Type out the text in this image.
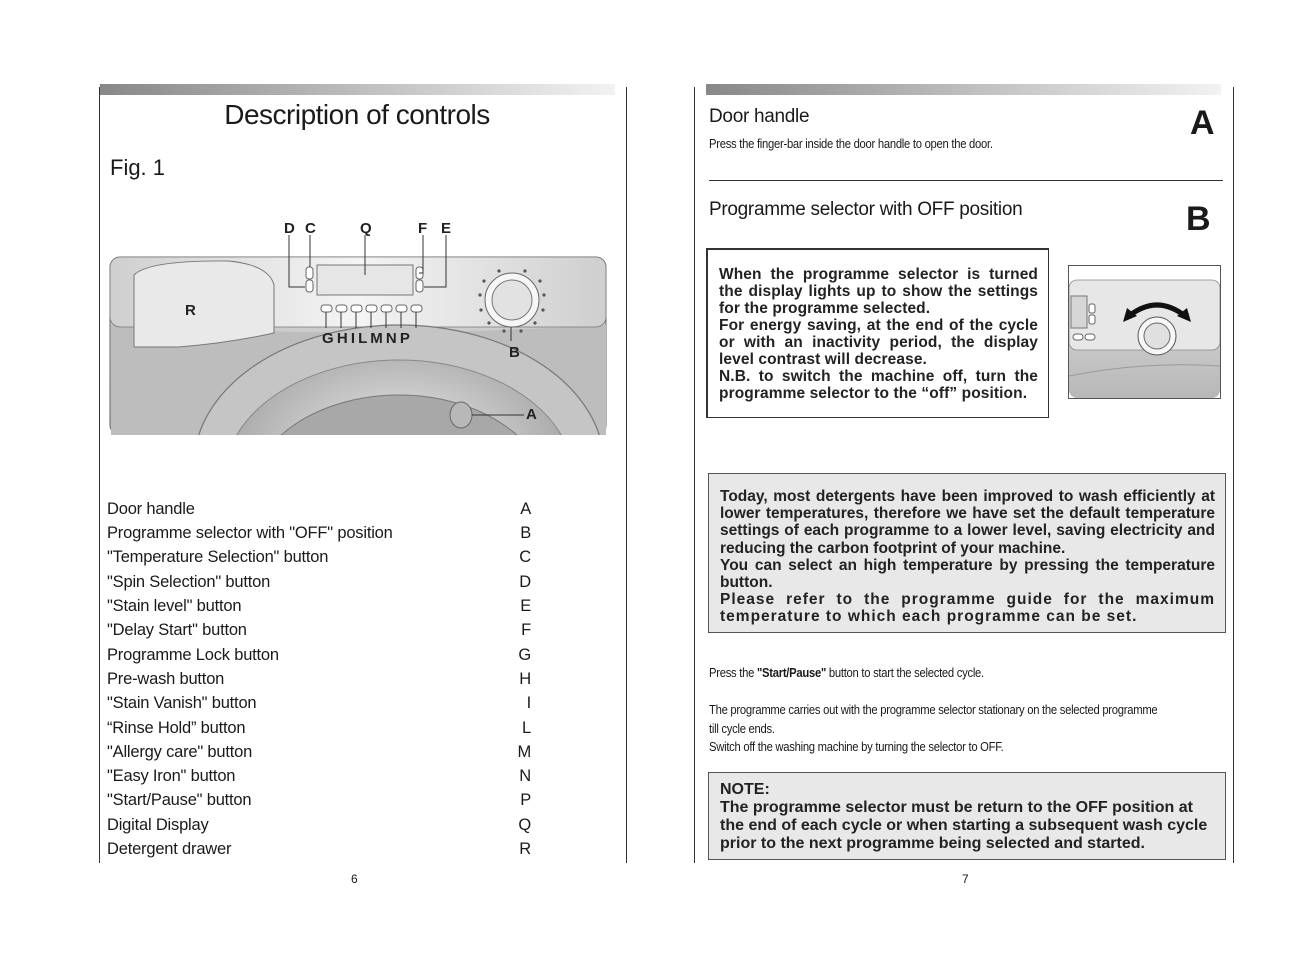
Description of controls
Fig. 1
D C	Q	F E
R
G H I L M N P
B
A
Door handle	A
Programme selector with "OFF" position	B
"Temperature Selection" button	C
"Spin Selection" button	D
"Stain level" button	E
"Delay Start" button	F
Programme Lock button	G
Pre-wash button	H
"Stain Vanish" button	I
“Rinse Hold” button	L
"Allergy care" button	M
"Easy Iron" button	N
"Start/Pause" button	P
Digital Display	Q
Detergent drawer	R
6
Door handle	A
Press the finger-bar inside the door handle to open the door.
Programme selector with OFF position	B

When the programme selector is turned the display lights up to show the settings for the programme selected.

For energy saving, at the end of the cycle or with an inactivity period, the display level contrast will decrease.

N.B. to switch the machine off, turn the programme selector to the “off” position.

Today, most detergents have been improved to wash efficiently at lower temperatures, therefore we have set the default temperature settings of each programme to a lower level, saving electricity and reducing the carbon footprint of your machine.

You can select an high temperature by pressing the temperature button.

Please refer to the programme guide for the maximum temperature to which each programme can be set.

Press the "Start/Pause" button to start the selected cycle.
The programme carries out with the programme selector stationary on the selected programme
till cycle ends.
Switch off the washing machine by turning the selector to OFF.

NOTE:

The programme selector must be return to the OFF position at the end of each cycle or when starting a subsequent wash cycle prior to the next programme being selected and started.

7
